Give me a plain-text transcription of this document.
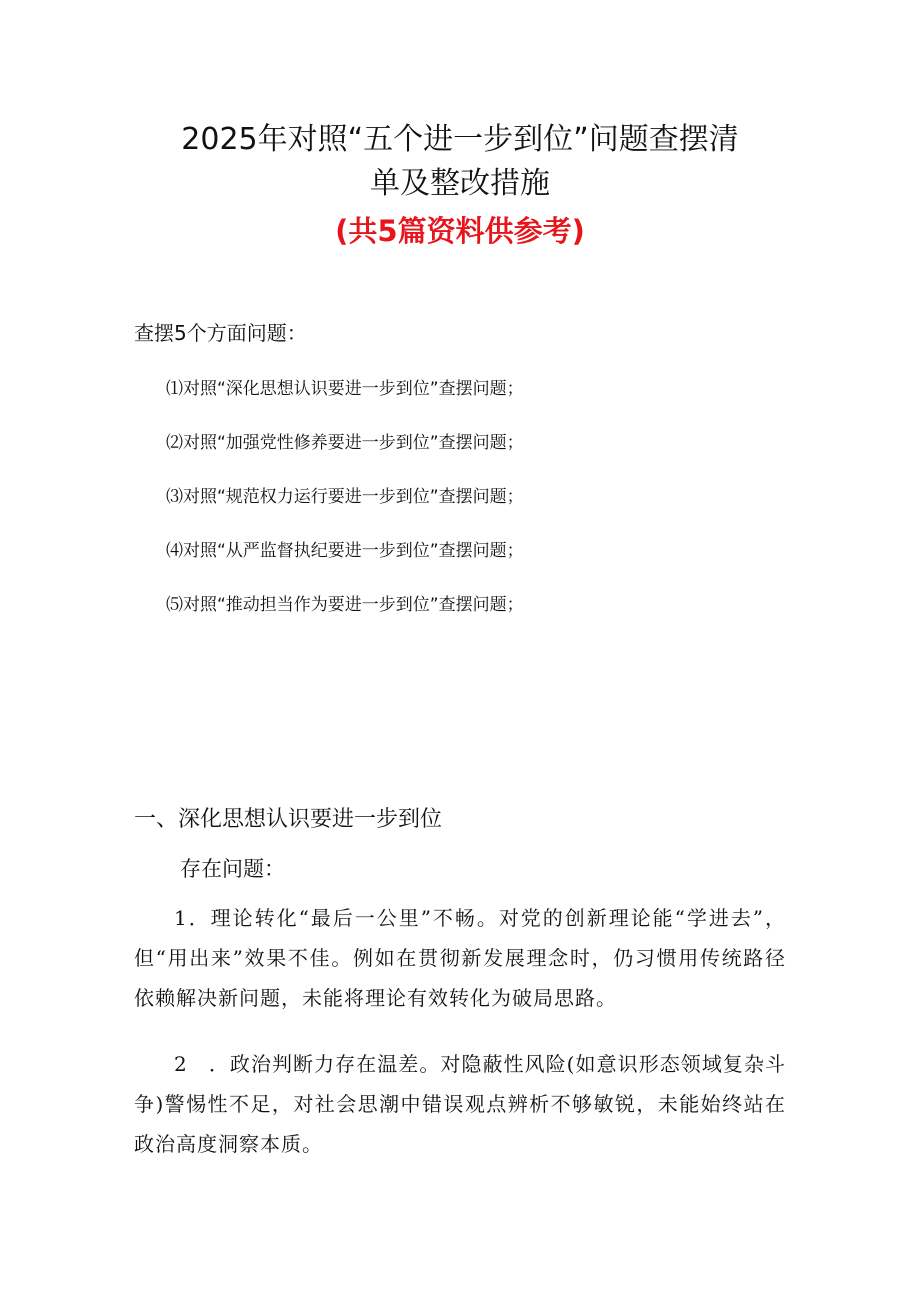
2025年对照“五个进一步到位”问题查摆清
单及整改措施
(共5篇资料供参考)
查摆5个方面问题：
⑴对照“深化思想认识要进一步到位”查摆问题；
⑵对照“加强党性修养要进一步到位”查摆问题；
⑶对照“规范权力运行要进一步到位”查摆问题；
⑷对照“从严监督执纪要进一步到位”查摆问题；
⑸对照“推动担当作为要进一步到位”查摆问题；
一、深化思想认识要进一步到位
存在问题：

1．理论转化“最后一公里”不畅。对党的创新理论能“学进去”，但“用出来”效果不佳。例如在贯彻新发展理念时，仍习惯用传统路径依赖解决新问题，未能将理论有效转化为破局思路。

2　．政治判断力存在温差。对隐蔽性风险(如意识形态领域复杂斗争)警惕性不足，对社会思潮中错误观点辨析不够敏锐，未能始终站在政治高度洞察本质。
